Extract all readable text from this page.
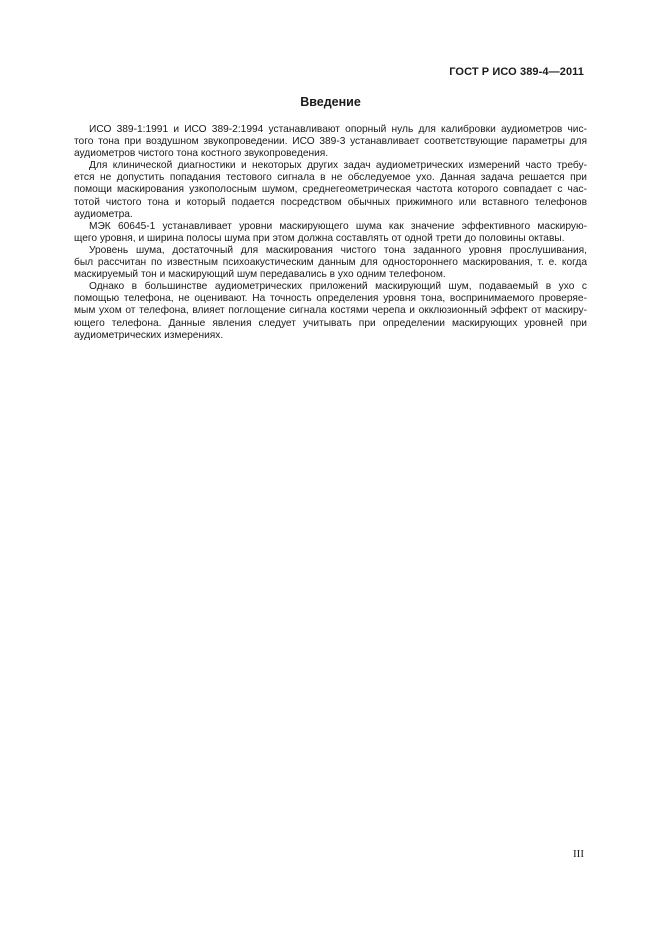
ГОСТ Р ИСО 389-4—2011
Введение
ИСО 389-1:1991 и ИСО 389-2:1994 устанавливают опорный нуль для калибровки аудиометров чис-
того тона при воздушном звукопроведении. ИСО 389-3 устанавливает соответствующие параметры для
аудиометров чистого тона костного звукопроведения.
Для клинической диагностики и некоторых других задач аудиометрических измерений часто требу-
ется не допустить попадания тестового сигнала в не обследуемое ухо. Данная задача решается при
помощи маскирования узкополосным шумом, среднегеометрическая частота которого совпадает с час-
тотой чистого тона и который подается посредством обычных прижимного или вставного телефонов
аудиометра.
МЭК 60645-1 устанавливает уровни маскирующего шума как значение эффективного маскирую-
щего уровня, и ширина полосы шума при этом должна составлять от одной трети до половины октавы.
Уровень шума, достаточный для маскирования чистого тона заданного уровня прослушивания,
был рассчитан по известным психоакустическим данным для одностороннего маскирования, т. е. когда
маскируемый тон и маскирующий шум передавались в ухо одним телефоном.
Однако в большинстве аудиометрических приложений маскирующий шум, подаваемый в ухо с
помощью телефона, не оценивают. На точность определения уровня тона, воспринимаемого проверяе-
мым ухом от телефона, влияет поглощение сигнала костями черепа и окклюзионный эффект от маскиру-
ющего телефона. Данные явления следует учитывать при определении маскирующих уровней при
аудиометрических измерениях.
III
